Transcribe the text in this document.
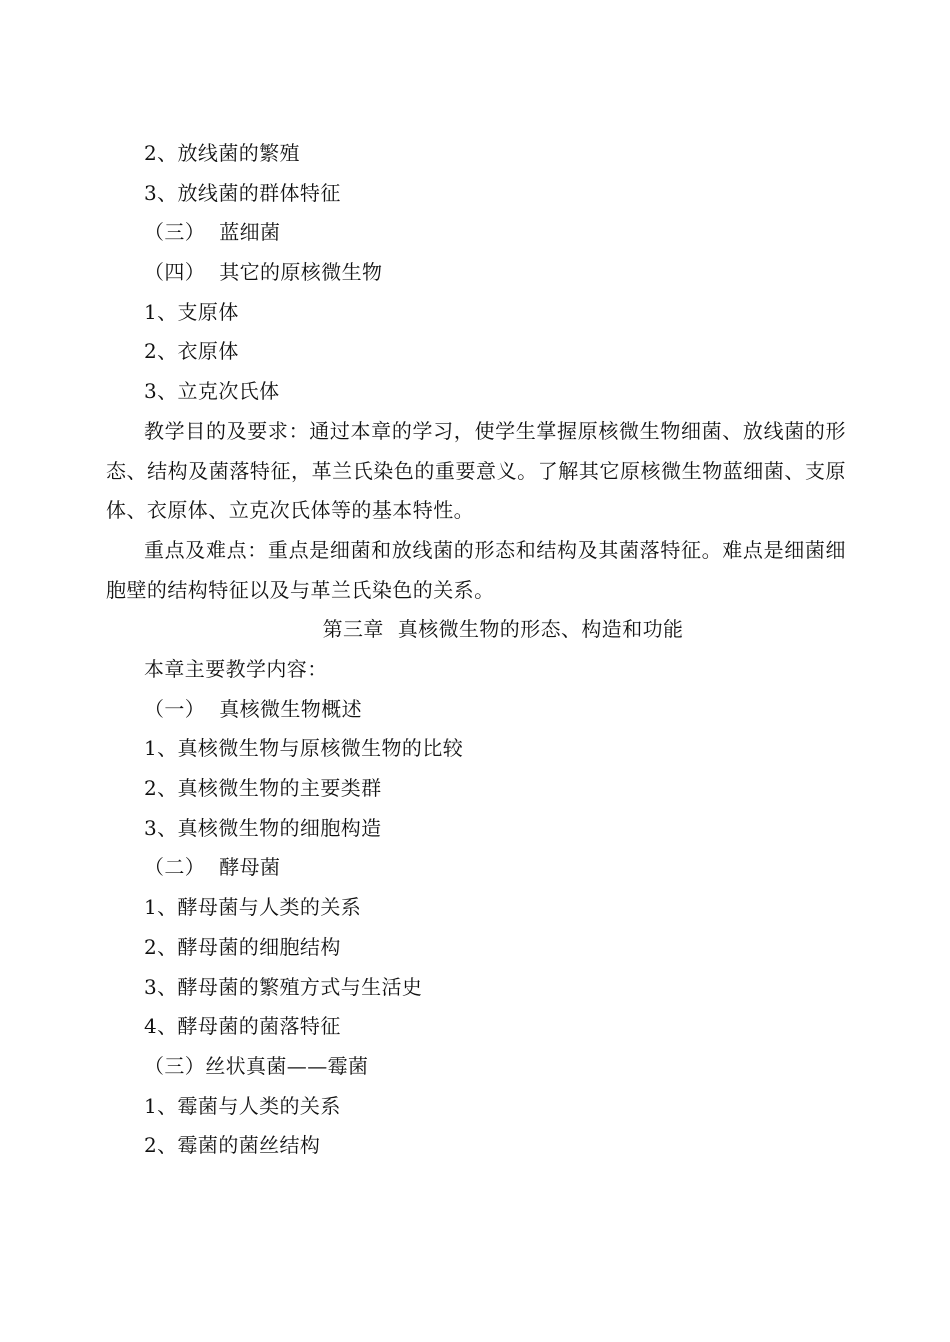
2、放线菌的繁殖
3、放线菌的群体特征
（三） 蓝细菌
（四） 其它的原核微生物
1、支原体
2、衣原体
3、立克次氏体

教学目的及要求：通过本章的学习，使学生掌握原核微生物细菌、放线菌的形态、结构及菌落特征，革兰氏染色的重要意义。了解其它原核微生物蓝细菌、支原体、衣原体、立克次氏体等的基本特性。

重点及难点：重点是细菌和放线菌的形态和结构及其菌落特征。难点是细菌细胞壁的结构特征以及与革兰氏染色的关系。

第三章 真核微生物的形态、构造和功能
本章主要教学内容：
（一） 真核微生物概述
1、真核微生物与原核微生物的比较
2、真核微生物的主要类群
3、真核微生物的细胞构造
（二） 酵母菌
1、酵母菌与人类的关系
2、酵母菌的细胞结构
3、酵母菌的繁殖方式与生活史
4、酵母菌的菌落特征
（三）丝状真菌——霉菌
1、霉菌与人类的关系
2、霉菌的菌丝结构
